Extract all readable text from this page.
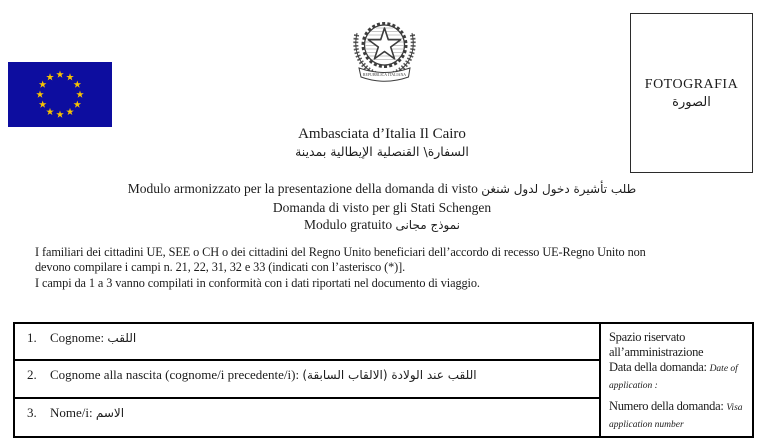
REPUBBLICA ITALIANA
FOTOGRAFIA
الصورة
Ambasciata d’Italia Il Cairo
السفارة\ القنصلية الإيطالية بمدينة
Modulo armonizzato per la presentazione della domanda di visto طلب تأشيرة دخول لدول شنغن
Domanda di visto per gli Stati Schengen
Modulo gratuito نموذج مجانى
I familiari dei cittadini UE, SEE o CH o dei cittadini del Regno Unito beneficiari dell’accordo di recesso UE-Regno Unito non
devono compilare i campi n. 21, 22, 31, 32 e 33 (indicati con l’asterisco (*)].
I campi da 1 a 3 vanno compilati in conformità con i dati riportati nel documento di viaggio.
1. Cognome: اللقب
2. Cognome alla nascita (cognome/i precedente/i): اللقب عند الولادة (الالقاب السابقة)
3. Nome/i: الاسم
Spazio riservato all’amministrazione
Data della domanda: Date of application :
Numero della domanda: Visa application number
